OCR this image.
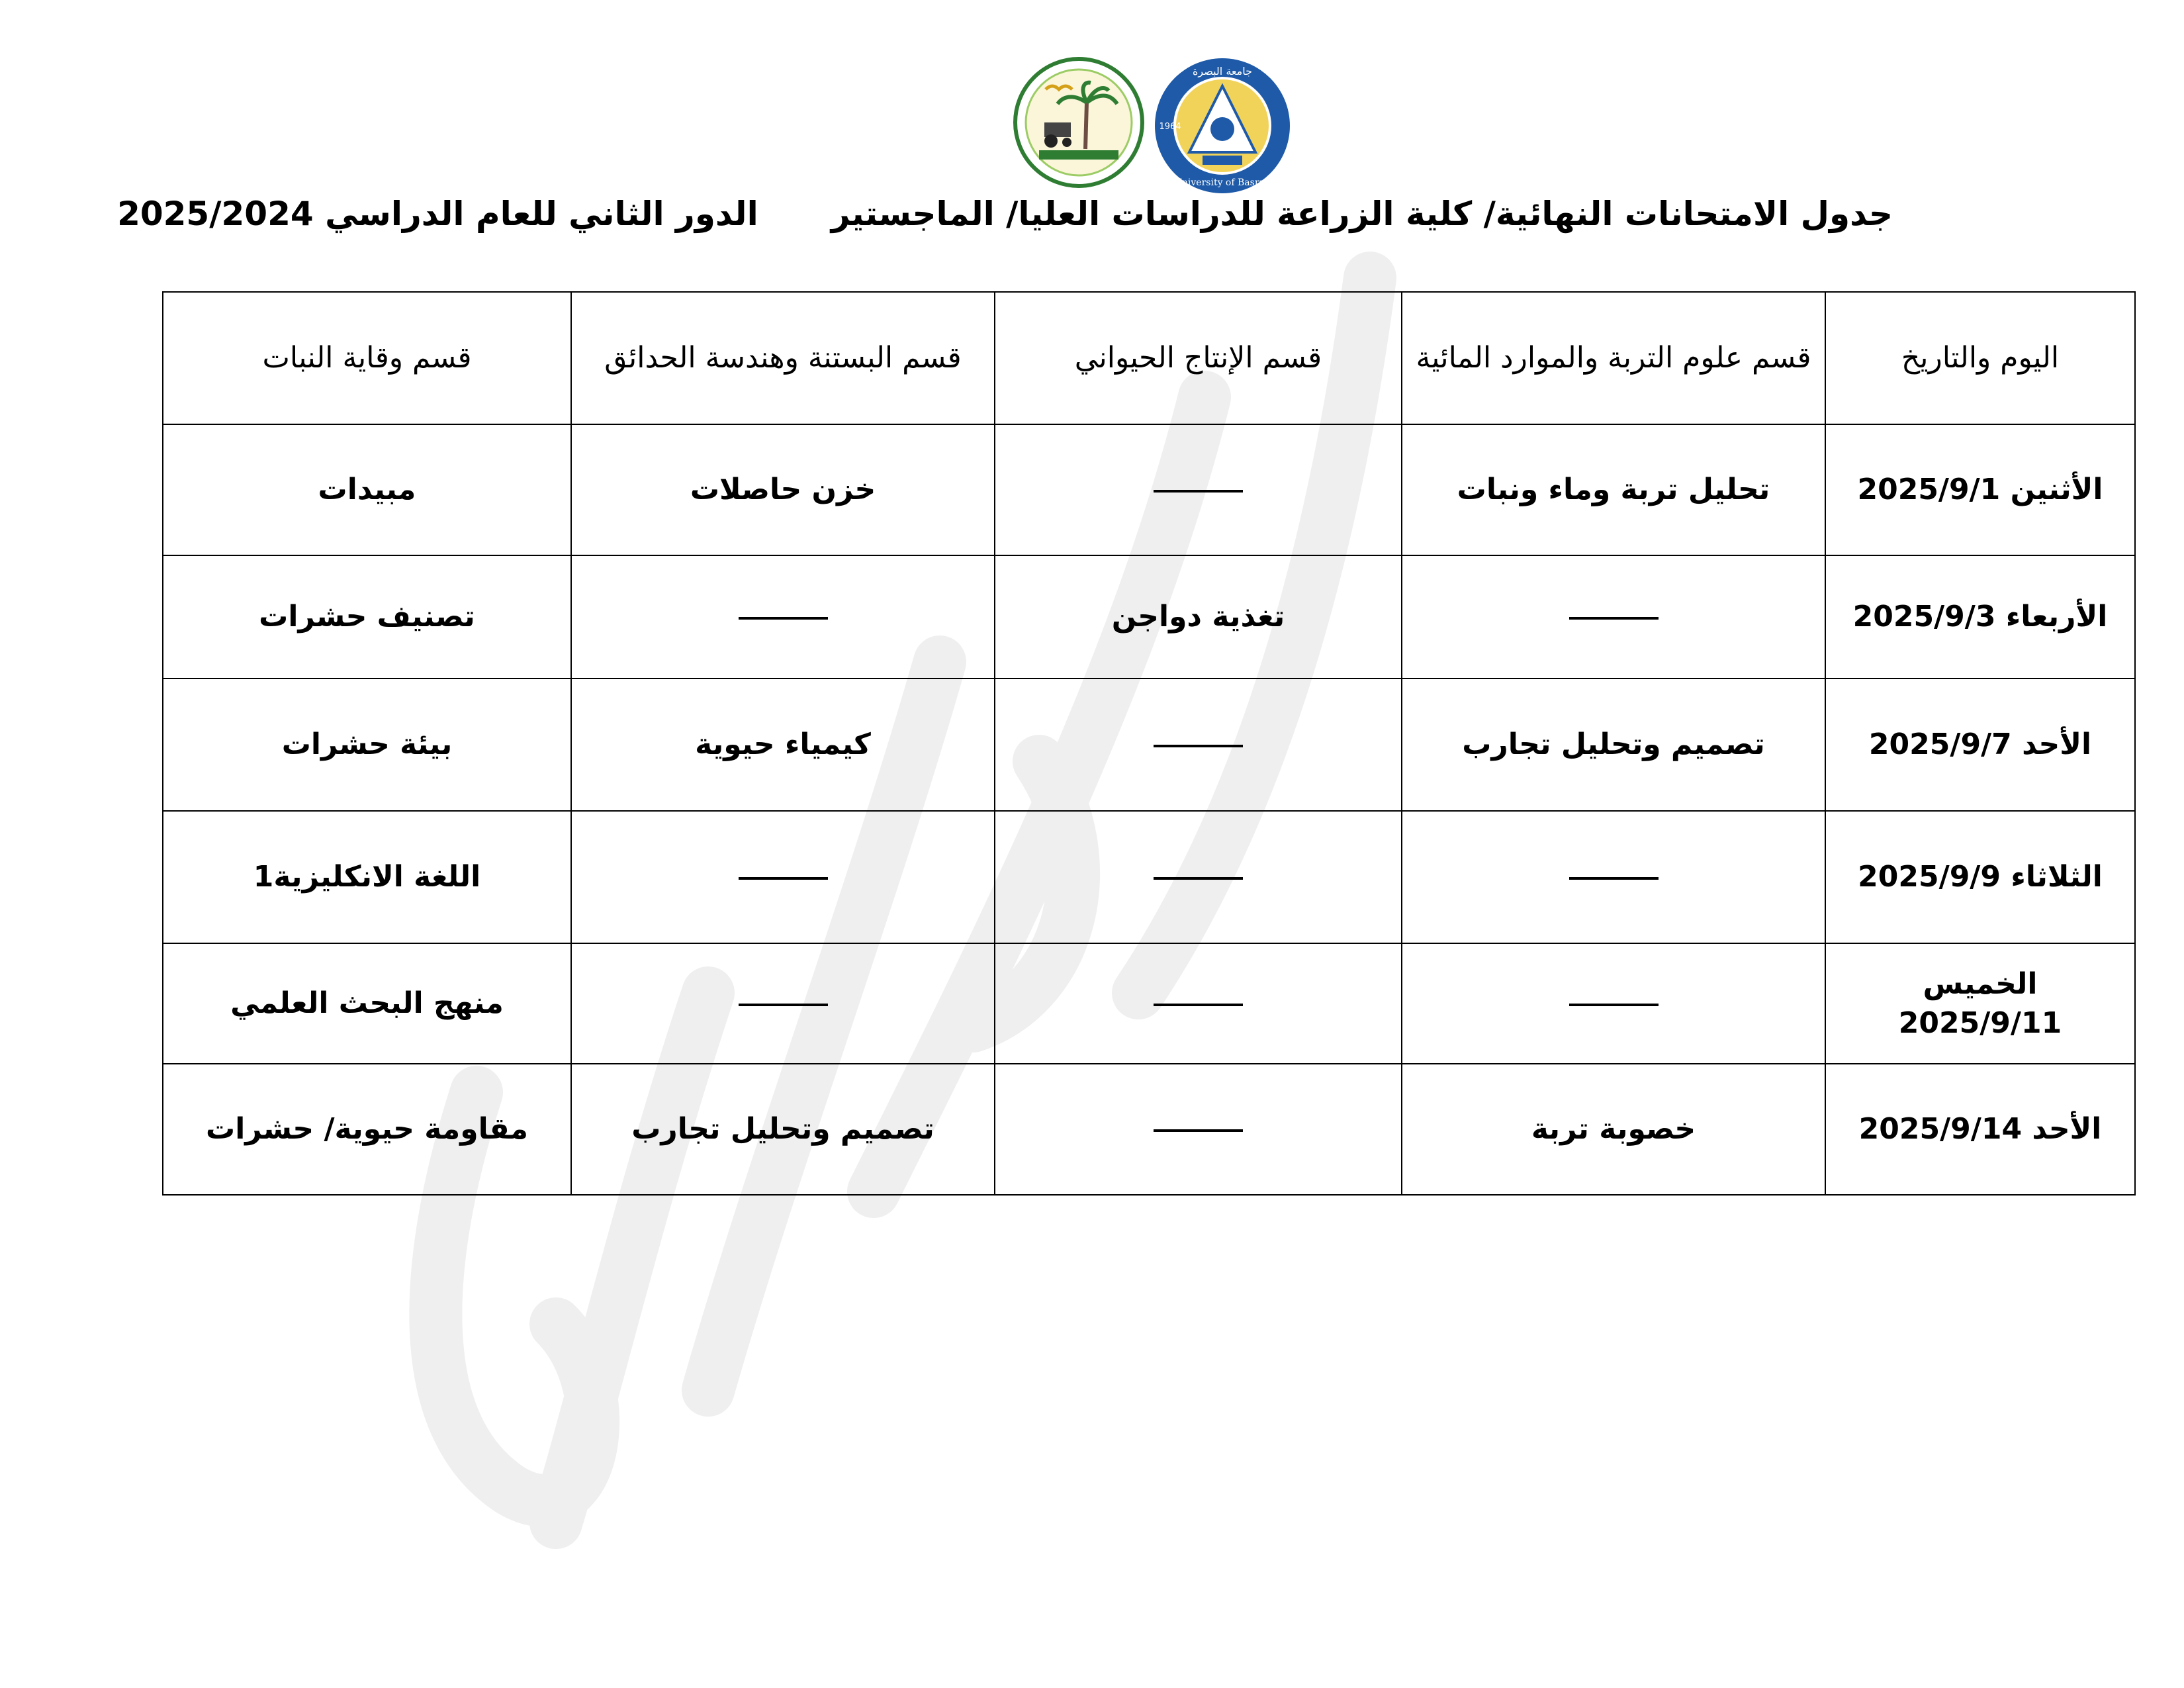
University of Basrah
جامعة البصرة
1964
جدول الامتحانات النهائية/ كلية الزراعة للدراسات العليا/ الماجستير
الدور الثاني للعام الدراسي 2025/2024
اليوم والتاريخ	قسم علوم التربة والموارد المائية	قسم الإنتاج الحيواني	قسم البستنة وهندسة الحدائق	قسم وقاية النبات
الأثنين 2025/9/1	تحليل تربة وماء ونبات		خزن حاصلات	مبيدات
الأربعاء 2025/9/3		تغذية دواجن		تصنيف حشرات
الأحد 2025/9/7	تصميم وتحليل تجارب		كيمياء حيوية	بيئة حشرات
الثلاثاء 2025/9/9				اللغة الانكليزية1
الخميس 2025/9/11				منهج البحث العلمي
الأحد 2025/9/14	خصوبة تربة		تصميم وتحليل تجارب	مقاومة حيوية/ حشرات
